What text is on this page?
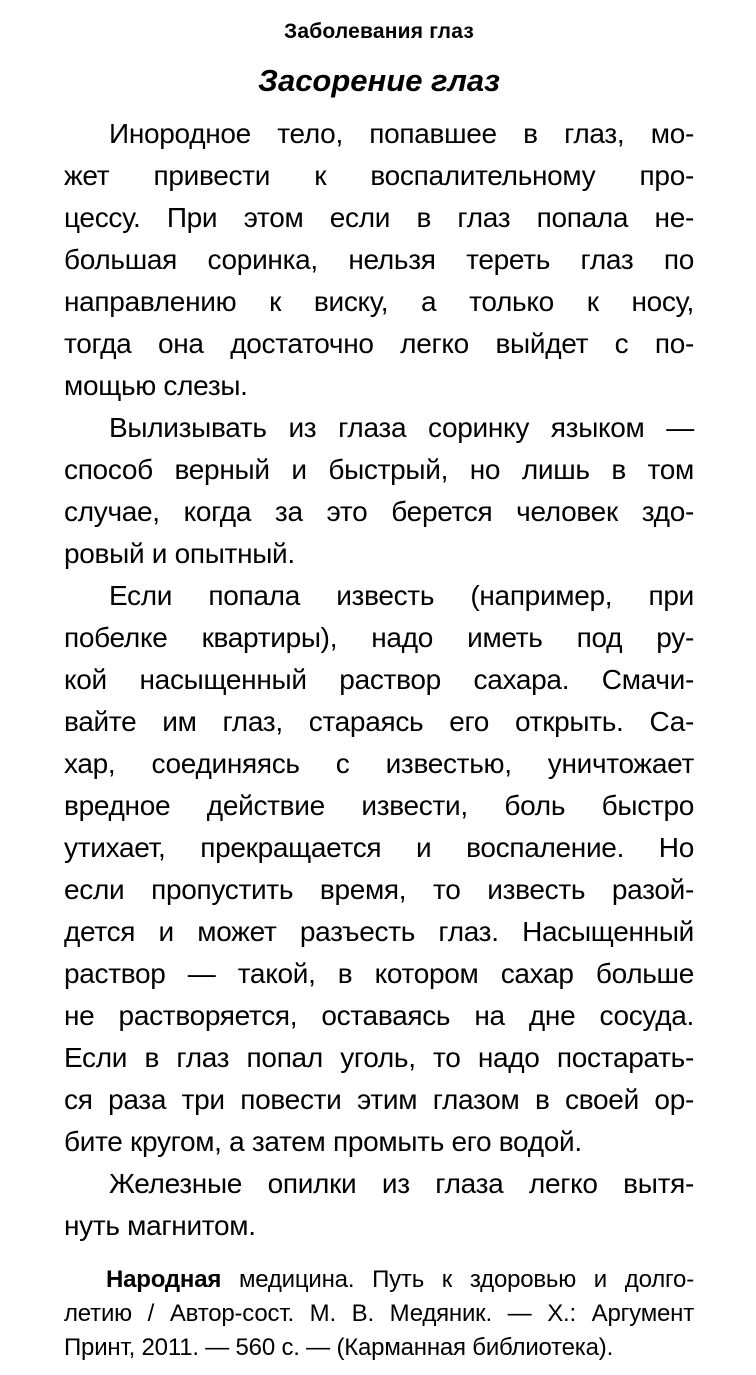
Заболевания глаз
Засорение глаз
Инородное тело, попавшее в глаз, мо-
жет привести к воспалительному про-
цессу. При этом если в глаз попала не-
большая соринка, нельзя тереть глаз по
направлению к виску, а только к носу,
тогда она достаточно легко выйдет с по-
мощью слезы.
Вылизывать из глаза соринку языком —
способ верный и быстрый, но лишь в том
случае, когда за это берется человек здо-
ровый и опытный.
Если попала известь (например, при
побелке квартиры), надо иметь под ру-
кой насыщенный раствор сахара. Смачи-
вайте им глаз, стараясь его открыть. Са-
хар, соединяясь с известью, уничтожает
вредное действие извести, боль быстро
утихает, прекращается и воспаление. Но
если пропустить время, то известь разой-
дется и может разъесть глаз. Насыщенный
раствор — такой, в котором сахар больше
не растворяется, оставаясь на дне сосуда.
Если в глаз попал уголь, то надо постарать-
ся раза три повести этим глазом в своей ор-
бите кругом, а затем промыть его водой.
Железные опилки из глаза легко вытя-
нуть магнитом.
Народная медицина. Путь к здоровью и долго-
летию / Автор-сост. М. В. Медяник. — Х.: Аргумент
Принт, 2011. — 560 с. — (Карманная библиотека).
